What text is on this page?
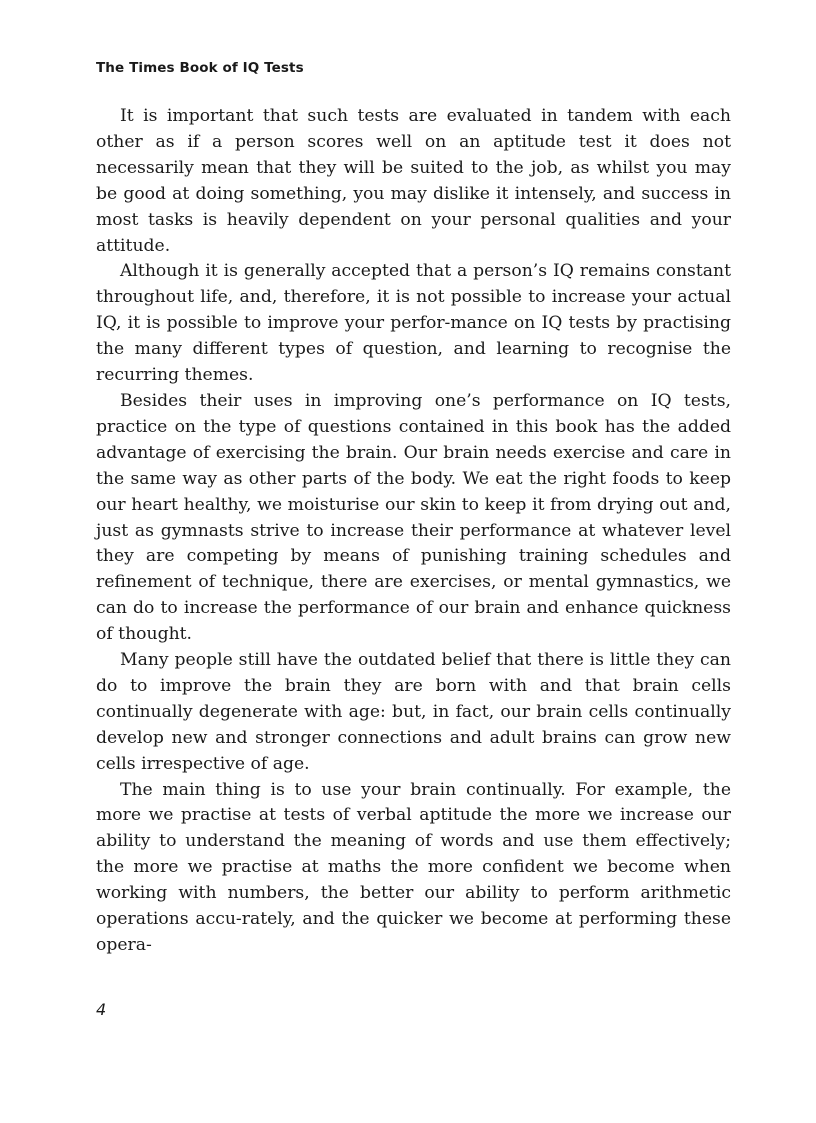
The Times Book of IQ Tests

It is important that such tests are evaluated in tandem with each other as if a person scores well on an aptitude test it does not necessarily mean that they will be suited to the job, as whilst you may be good at doing something, you may dislike it intensely, and success in most tasks is heavily dependent on your personal qualities and your attitude.

Although it is generally accepted that a person’s IQ remains constant throughout life, and, therefore, it is not possible to increase your actual IQ, it is possible to improve your perfor-mance on IQ tests by practising the many different types of question, and learning to recognise the recurring themes.

Besides their uses in improving one’s performance on IQ tests, practice on the type of questions contained in this book has the added advantage of exercising the brain. Our brain needs exercise and care in the same way as other parts of the body. We eat the right foods to keep our heart healthy, we moisturise our skin to keep it from drying out and, just as gymnasts strive to increase their performance at whatever level they are competing by means of punishing training schedules and refinement of technique, there are exercises, or mental gymnastics, we can do to increase the performance of our brain and enhance quickness of thought.

Many people still have the outdated belief that there is little they can do to improve the brain they are born with and that brain cells continually degenerate with age: but, in fact, our brain cells continually develop new and stronger connections and adult brains can grow new cells irrespective of age.

The main thing is to use your brain continually. For example, the more we practise at tests of verbal aptitude the more we increase our ability to understand the meaning of words and use them effectively; the more we practise at maths the more confident we become when working with numbers, the better our ability to perform arithmetic operations accu-rately, and the quicker we become at performing these opera-

4
